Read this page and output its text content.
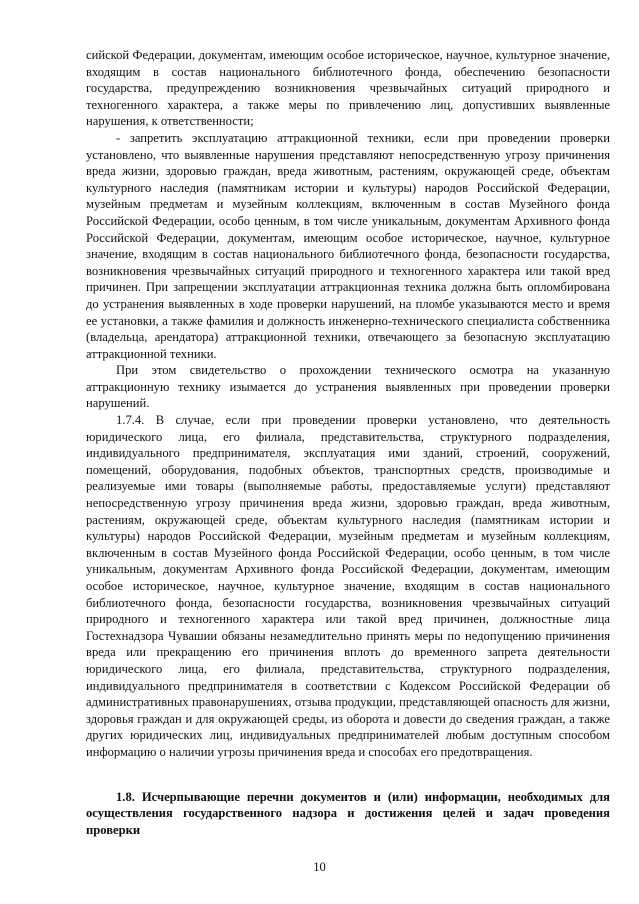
сийской Федерации, документам, имеющим особое историческое, научное, культурное значение, входящим в состав национального библиотечного фонда, обеспечению безопасности государства, предупреждению возникновения чрезвычайных ситуаций природного и техногенного характера, а также меры по привлечению лиц, допустивших выявленные нарушения, к ответственности;

- запретить эксплуатацию аттракционной техники, если при проведении проверки установлено, что выявленные нарушения представляют непосредственную угрозу причинения вреда жизни, здоровью граждан, вреда животным, растениям, окружающей среде, объектам культурного наследия (памятникам истории и культуры) народов Российской Федерации, музейным предметам и музейным коллекциям, включенным в состав Музейного фонда Российской Федерации, особо ценным, в том числе уникальным, документам Архивного фонда Российской Федерации, документам, имеющим особое историческое, научное, культурное значение, входящим в состав национального библиотечного фонда, безопасности государства, возникновения чрезвычайных ситуаций природного и техногенного характера или такой вред причинен. При запрещении эксплуатации аттракционная техника должна быть опломбирована до устранения выявленных в ходе проверки нарушений, на пломбе указываются место и время ее установки, а также фамилия и должность инженерно-технического специалиста собственника (владельца, арендатора) аттракционной техники, отвечающего за безопасную эксплуатацию аттракционной техники.

При этом свидетельство о прохождении технического осмотра на указанную аттракционную технику изымается до устранения выявленных при проведении проверки нарушений.

1.7.4. В случае, если при проведении проверки установлено, что деятельность юридического лица, его филиала, представительства, структурного подразделения, индивидуального предпринимателя, эксплуатация ими зданий, строений, сооружений, помещений, оборудования, подобных объектов, транспортных средств, производимые и реализуемые ими товары (выполняемые работы, предоставляемые услуги) представляют непосредственную угрозу причинения вреда жизни, здоровью граждан, вреда животным, растениям, окружающей среде, объектам культурного наследия (памятникам истории и культуры) народов Российской Федерации, музейным предметам и музейным коллекциям, включенным в состав Музейного фонда Российской Федерации, особо ценным, в том числе уникальным, документам Архивного фонда Российской Федерации, документам, имеющим особое историческое, научное, культурное значение, входящим в состав национального библиотечного фонда, безопасности государства, возникновения чрезвычайных ситуаций природного и техногенного характера или такой вред причинен, должностные лица Гостехнадзора Чувашии обязаны незамедлительно принять меры по недопущению причинения вреда или прекращению его причинения вплоть до временного запрета деятельности юридического лица, его филиала, представительства, структурного подразделения, индивидуального предпринимателя в соответствии с Кодексом Российской Федерации об административных правонарушениях, отзыва продукции, представляющей опасность для жизни, здоровья граждан и для окружающей среды, из оборота и довести до сведения граждан, а также других юридических лиц, индивидуальных предпринимателей любым доступным способом информацию о наличии угрозы причинения вреда и способах его предотвращения.

1.8. Исчерпывающие перечни документов и (или) информации, необходимых для осуществления государственного надзора и достижения целей и задач проведения проверки
10
